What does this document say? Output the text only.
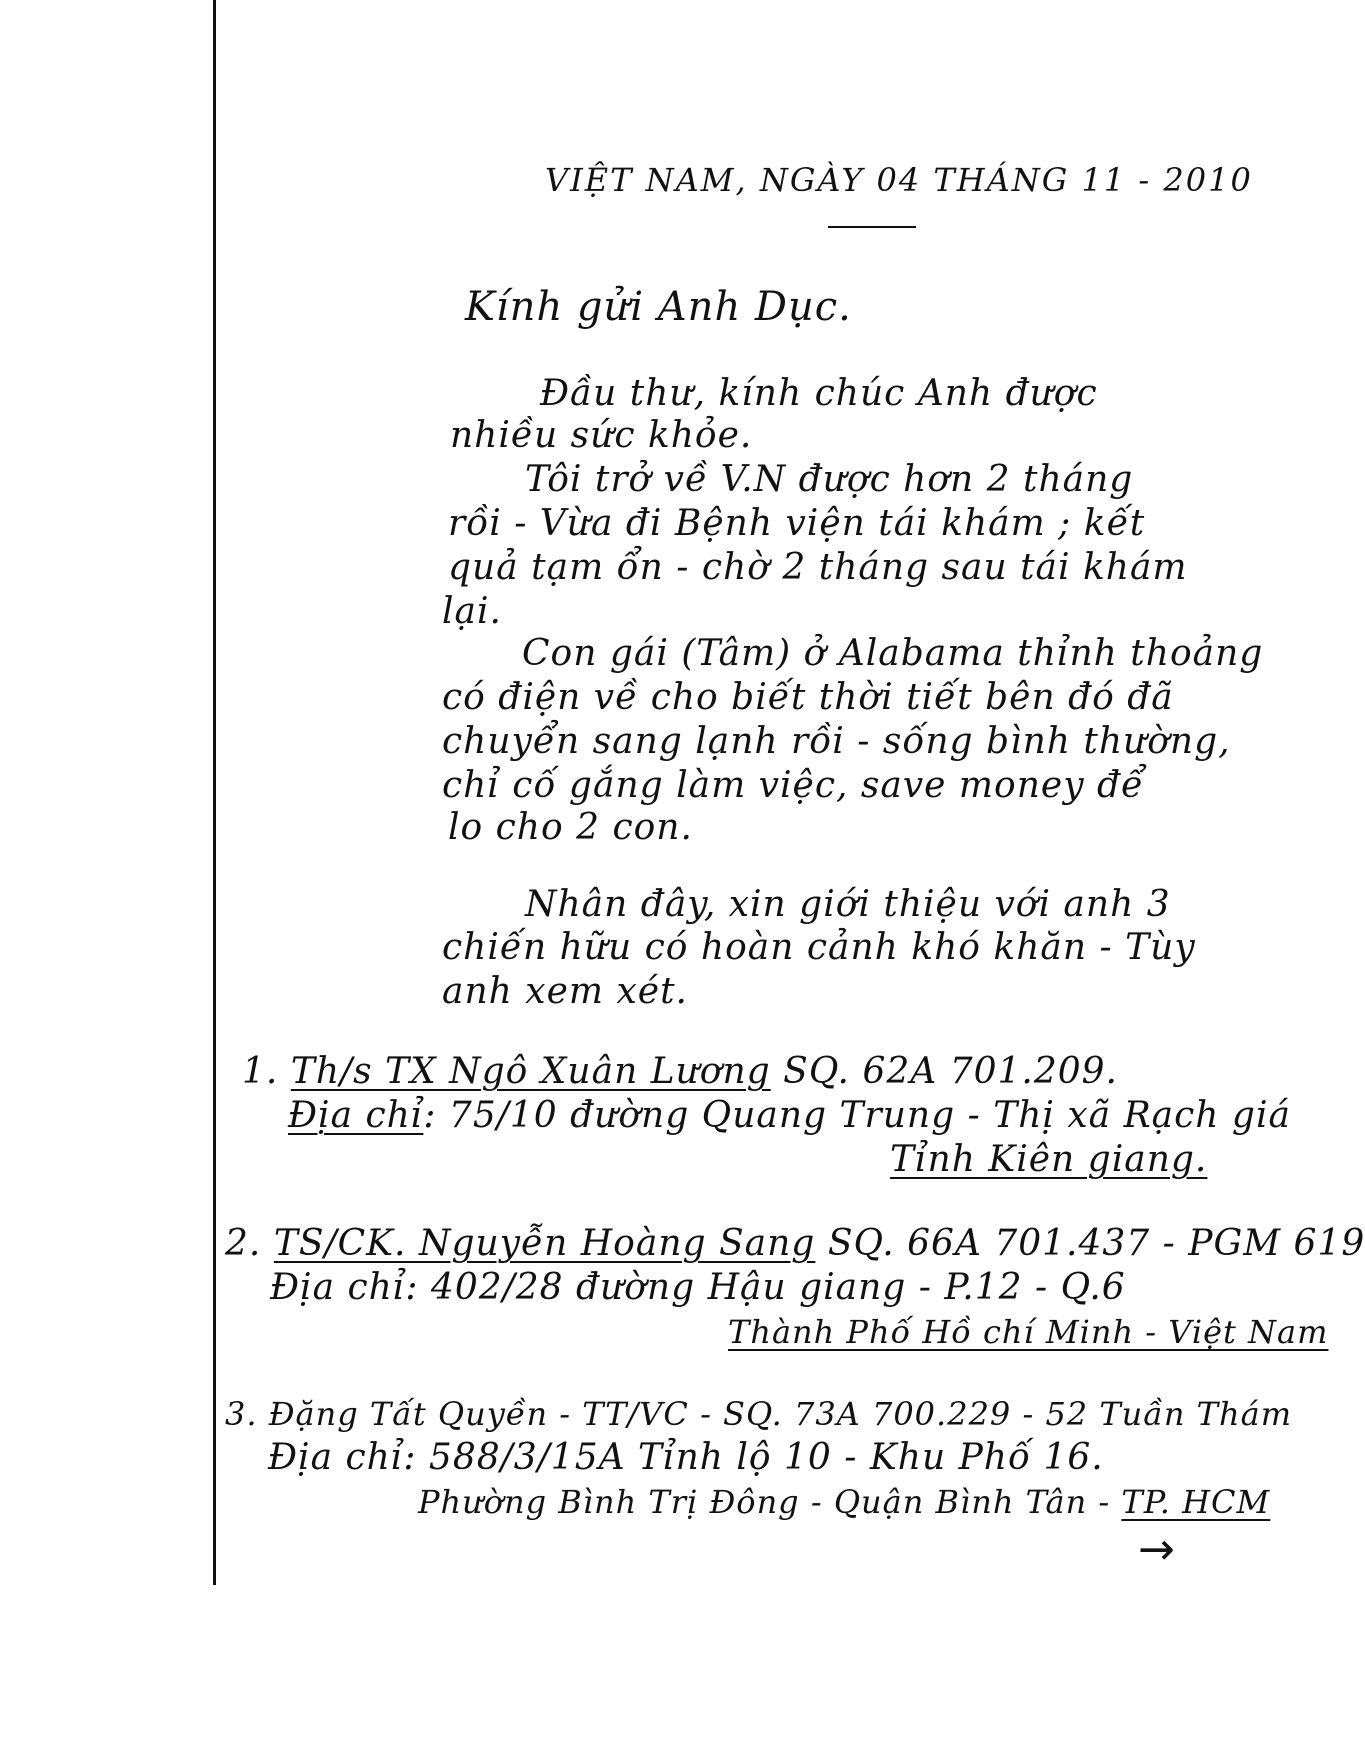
VIỆT NAM, NGÀY 04 THÁNG 11 - 2010
Kính gửi Anh Dục.
Đầu thư, kính chúc Anh được
nhiều sức khỏe.
Tôi trở về V.N được hơn 2 tháng
rồi - Vừa đi Bệnh viện tái khám ; kết
quả tạm ổn - chờ 2 tháng sau tái khám
lại.
Con gái (Tâm) ở Alabama thỉnh thoảng
có điện về cho biết thời tiết bên đó đã
chuyển sang lạnh rồi - sống bình thường,
chỉ cố gắng làm việc, save money để
lo cho 2 con.
Nhân đây, xin giới thiệu với anh 3
chiến hữu có hoàn cảnh khó khăn - Tùy
anh xem xét.
1. Th/s TX Ngô Xuân Lương SQ. 62A 701.209.
Địa chỉ: 75/10 đường Quang Trung - Thị xã Rạch giá
Tỉnh Kiên giang.
2. TS/CK. Nguyễn Hoàng Sang SQ. 66A 701.437 - PGM 619
Địa chỉ: 402/28 đường Hậu giang - P.12 - Q.6
Thành Phố Hồ chí Minh - Việt Nam
3. Đặng Tất Quyền - TT/VC - SQ. 73A 700.229 - 52 Tuần Thám
Địa chỉ: 588/3/15A Tỉnh lộ 10 - Khu Phố 16.
Phường Bình Trị Đông - Quận Bình Tân - TP. HCM
→
